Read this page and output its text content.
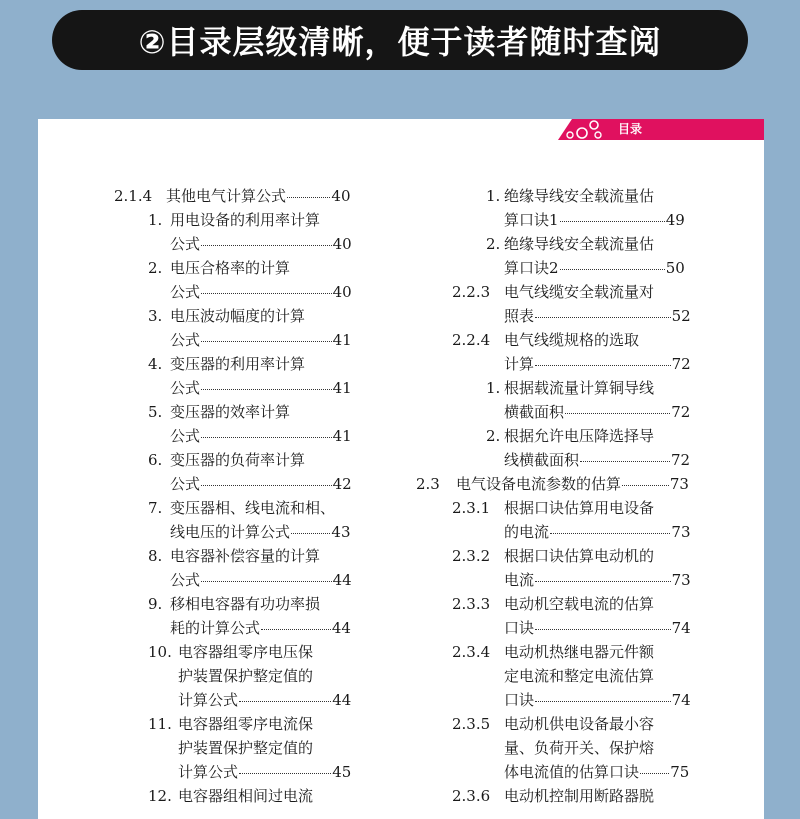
②目录层级清晰，便于读者随时查阅
目录
2.1.4 其他电气计算公式	40
1. 用电设备的利用率计算
公式	40
2. 电压合格率的计算
公式	40
3. 电压波动幅度的计算
公式	41
4. 变压器的利用率计算
公式	41
5. 变压器的效率计算
公式	41
6. 变压器的负荷率计算
公式	42
7. 变压器相、线电流和相、
线电压的计算公式	43
8. 电容器补偿容量的计算
公式	44
9. 移相电容器有功功率损
耗的计算公式	44
10. 电容器组零序电压保
护装置保护整定值的
计算公式	44
11. 电容器组零序电流保
护装置保护整定值的
计算公式	45
12. 电容器组相间过电流
1. 绝缘导线安全载流量估
算口诀1	49
2. 绝缘导线安全载流量估
算口诀2	50
2.2.3 电气线缆安全载流量对
照表	52
2.2.4 电气线缆规格的选取
计算	72
1. 根据载流量计算铜导线
横截面积	72
2. 根据允许电压降选择导
线横截面积	72
2.3 电气设备电流参数的估算	73
2.3.1 根据口诀估算用电设备
的电流	73
2.3.2 根据口诀估算电动机的
电流	73
2.3.3 电动机空载电流的估算
口诀	74
2.3.4 电动机热继电器元件额
定电流和整定电流估算
口诀	74
2.3.5 电动机供电设备最小容
量、负荷开关、保护熔
体电流值的估算口诀 75
2.3.6 电动机控制用断路器脱
